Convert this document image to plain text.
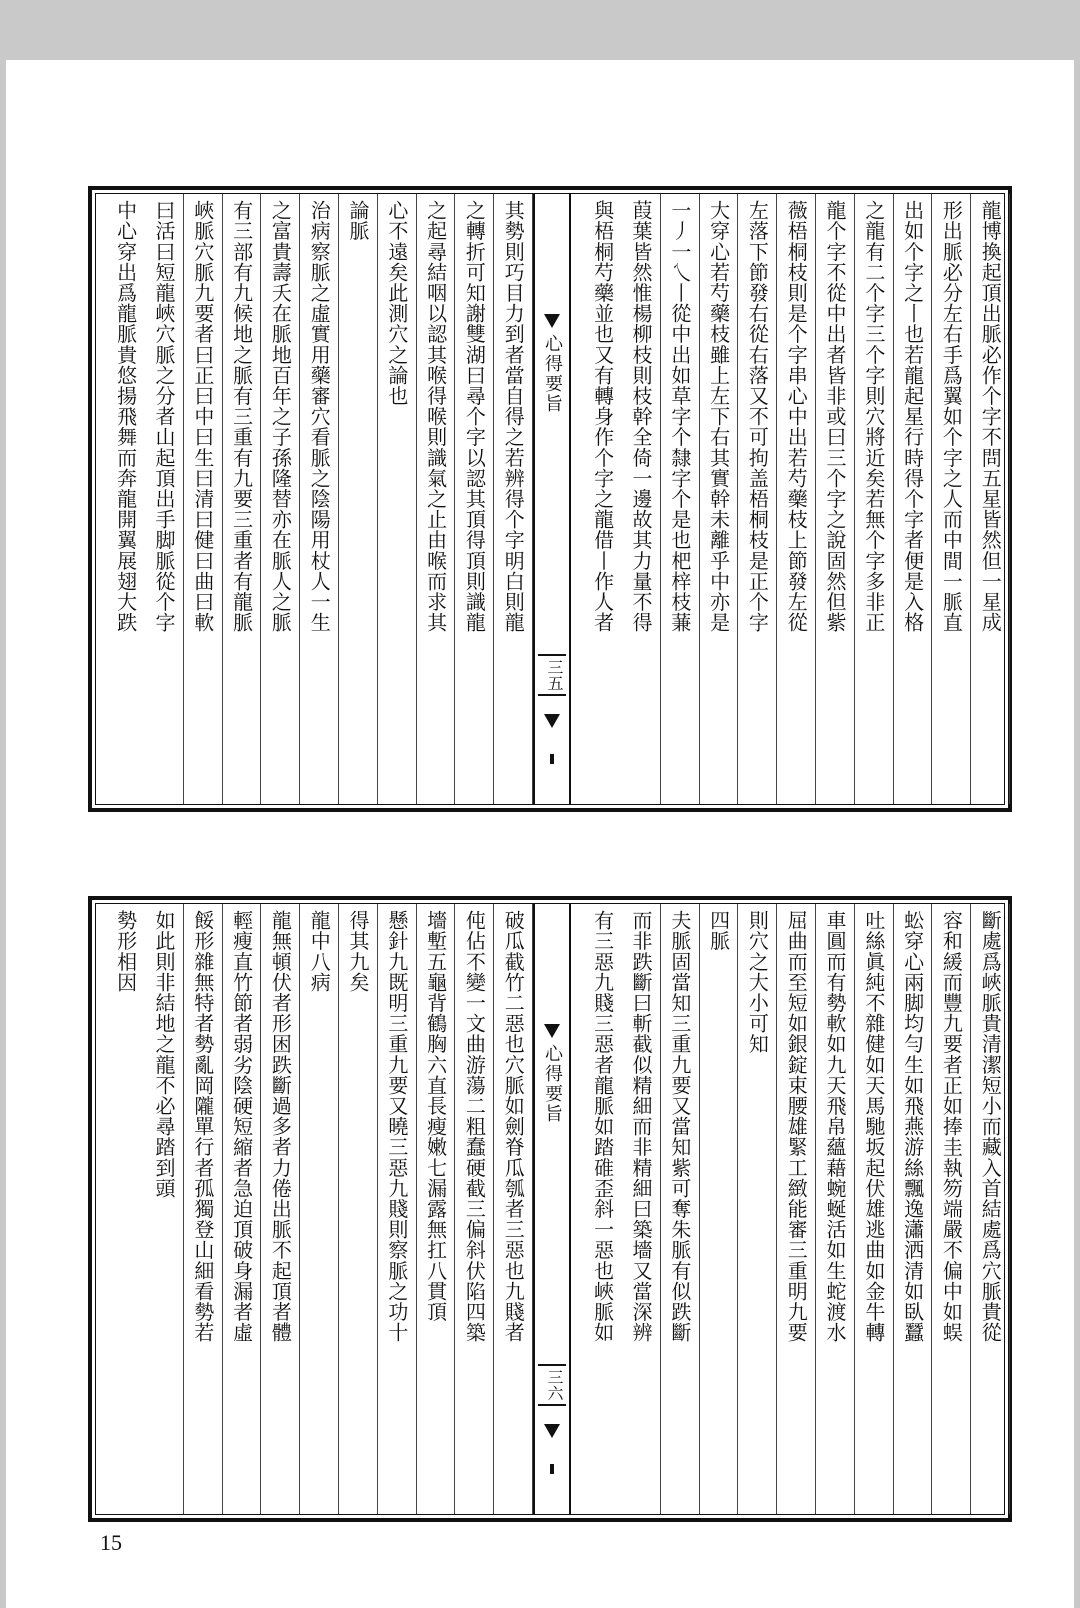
其勢則巧目力到者當自得之若辨得个字明白則龍
之轉折可知謝雙湖曰尋个字以認其頂得頂則識龍
之起尋結咽以認其喉得喉則識氣之止由喉而求其
心不遠矣此測穴之論也
論脈
治病察脈之虛實用藥審穴看脈之陰陽用杖人一生
之富貴壽夭在脈地百年之子孫隆替亦在脈人之脈
有三部有九候地之脈有三重有九要三重者有龍脈
峽脈穴脈九要者曰正曰中曰生曰清曰健曰曲曰軟
曰活曰短龍峽穴脈之分者山起頂出手脚脈從个字
中心穿出爲龍脈貴悠揚飛舞而奔龍開翼展翅大跌	心得要旨
三五
龍博換起頂出脈必作个字不問五星皆然但一星成
形出脈必分左右手爲翼如个字之人而中間一脈直
出如个字之丨也若龍起星行時得个字者便是入格
之龍有二个字三个字則穴將近矣若無个字多非正
龍个字不從中出者皆非或曰三个字之說固然但紫
薇梧桐枝則是个字串心中出若芍藥枝上節發左從
左落下節發右從右落又不可拘盖梧桐枝是正个字
大穿心若芍藥枝雖上左下右其實幹未離乎中亦是
一丿一乀丨從中出如草字个隸字个是也杷梓枝蒹
葭葉皆然惟楊柳枝則枝幹全倚一邊故其力量不得
與梧桐芍藥並也又有轉身作个字之龍借丨作人者
破瓜截竹二惡也穴脈如劍脊瓜瓠者三惡也九賤者
伅佔不變一文曲游蕩二粗蠢硬截三偏斜伏陷四築
墻塹五龜背鶴胸六直長瘦嫩七漏露無扛八貫頂
懸針九既明三重九要又曉三惡九賤則察脈之功十
得其九矣
龍中八病
龍無頓伏者形困跌斷過多者力倦出脈不起頂者體
輕瘦直竹節者弱劣陰硬短縮者急迫頂破身漏者虛
餒形雜無特者勢亂岡隴單行者孤獨登山細看勢若
如此則非結地之龍不必尋踏到頭
勢形相因
心得要旨
三六
斷處爲峽脈貴清潔短小而藏入首結處爲穴脈貴從
容和緩而豐九要者正如捧圭執笏端嚴不偏中如蜈
蚣穿心兩脚均勻生如飛燕游絲飄逸瀟洒清如臥蠶
吐絲眞純不雜健如天馬馳坂起伏雄逃曲如金牛轉
車圓而有勢軟如九天飛帛蘊藉蜿蜒活如生蛇渡水
屈曲而至短如銀錠束腰雄緊工緻能審三重明九要
則穴之大小可知
四脈
夫脈固當知三重九要又當知紫可奪朱脈有似跌斷
而非跌斷曰斬截似精細而非精細曰築墻又當深辨
有三惡九賤三惡者龍脈如踏碓歪斜一惡也峽脈如
15
